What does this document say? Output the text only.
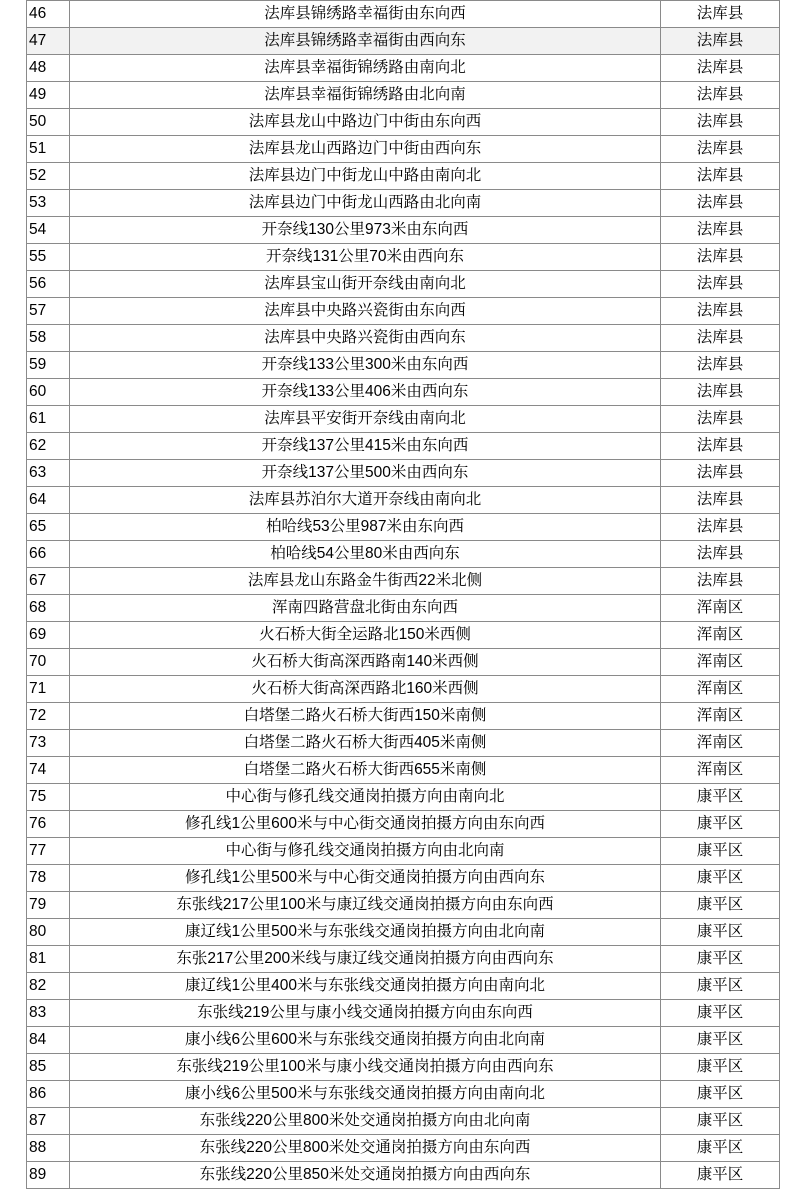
46	法库县锦绣路幸福街由东向西	法库县
47	法库县锦绣路幸福街由西向东	法库县
48	法库县幸福街锦绣路由南向北	法库县
49	法库县幸福街锦绣路由北向南	法库县
50	法库县龙山中路边门中街由东向西	法库县
51	法库县龙山西路边门中街由西向东	法库县
52	法库县边门中街龙山中路由南向北	法库县
53	法库县边门中街龙山西路由北向南	法库县
54	开奈线130公里973米由东向西	法库县
55	开奈线131公里70米由西向东	法库县
56	法库县宝山街开奈线由南向北	法库县
57	法库县中央路兴瓷街由东向西	法库县
58	法库县中央路兴瓷街由西向东	法库县
59	开奈线133公里300米由东向西	法库县
60	开奈线133公里406米由西向东	法库县
61	法库县平安街开奈线由南向北	法库县
62	开奈线137公里415米由东向西	法库县
63	开奈线137公里500米由西向东	法库县
64	法库县苏泊尔大道开奈线由南向北	法库县
65	柏哈线53公里987米由东向西	法库县
66	柏哈线54公里80米由西向东	法库县
67	法库县龙山东路金牛街西22米北侧	法库县
68	浑南四路营盘北街由东向西	浑南区
69	火石桥大街全运路北150米西侧	浑南区
70	火石桥大街高深西路南140米西侧	浑南区
71	火石桥大街高深西路北160米西侧	浑南区
72	白塔堡二路火石桥大街西150米南侧	浑南区
73	白塔堡二路火石桥大街西405米南侧	浑南区
74	白塔堡二路火石桥大街西655米南侧	浑南区
75	中心街与修孔线交通岗拍摄方向由南向北	康平区
76	修孔线1公里600米与中心街交通岗拍摄方向由东向西	康平区
77	中心街与修孔线交通岗拍摄方向由北向南	康平区
78	修孔线1公里500米与中心街交通岗拍摄方向由西向东	康平区
79	东张线217公里100米与康辽线交通岗拍摄方向由东向西	康平区
80	康辽线1公里500米与东张线交通岗拍摄方向由北向南	康平区
81	东张217公里200米线与康辽线交通岗拍摄方向由西向东	康平区
82	康辽线1公里400米与东张线交通岗拍摄方向由南向北	康平区
83	东张线219公里与康小线交通岗拍摄方向由东向西	康平区
84	康小线6公里600米与东张线交通岗拍摄方向由北向南	康平区
85	东张线219公里100米与康小线交通岗拍摄方向由西向东	康平区
86	康小线6公里500米与东张线交通岗拍摄方向由南向北	康平区
87	东张线220公里800米处交通岗拍摄方向由北向南	康平区
88	东张线220公里800米处交通岗拍摄方向由东向西	康平区
89	东张线220公里850米处交通岗拍摄方向由西向东	康平区
